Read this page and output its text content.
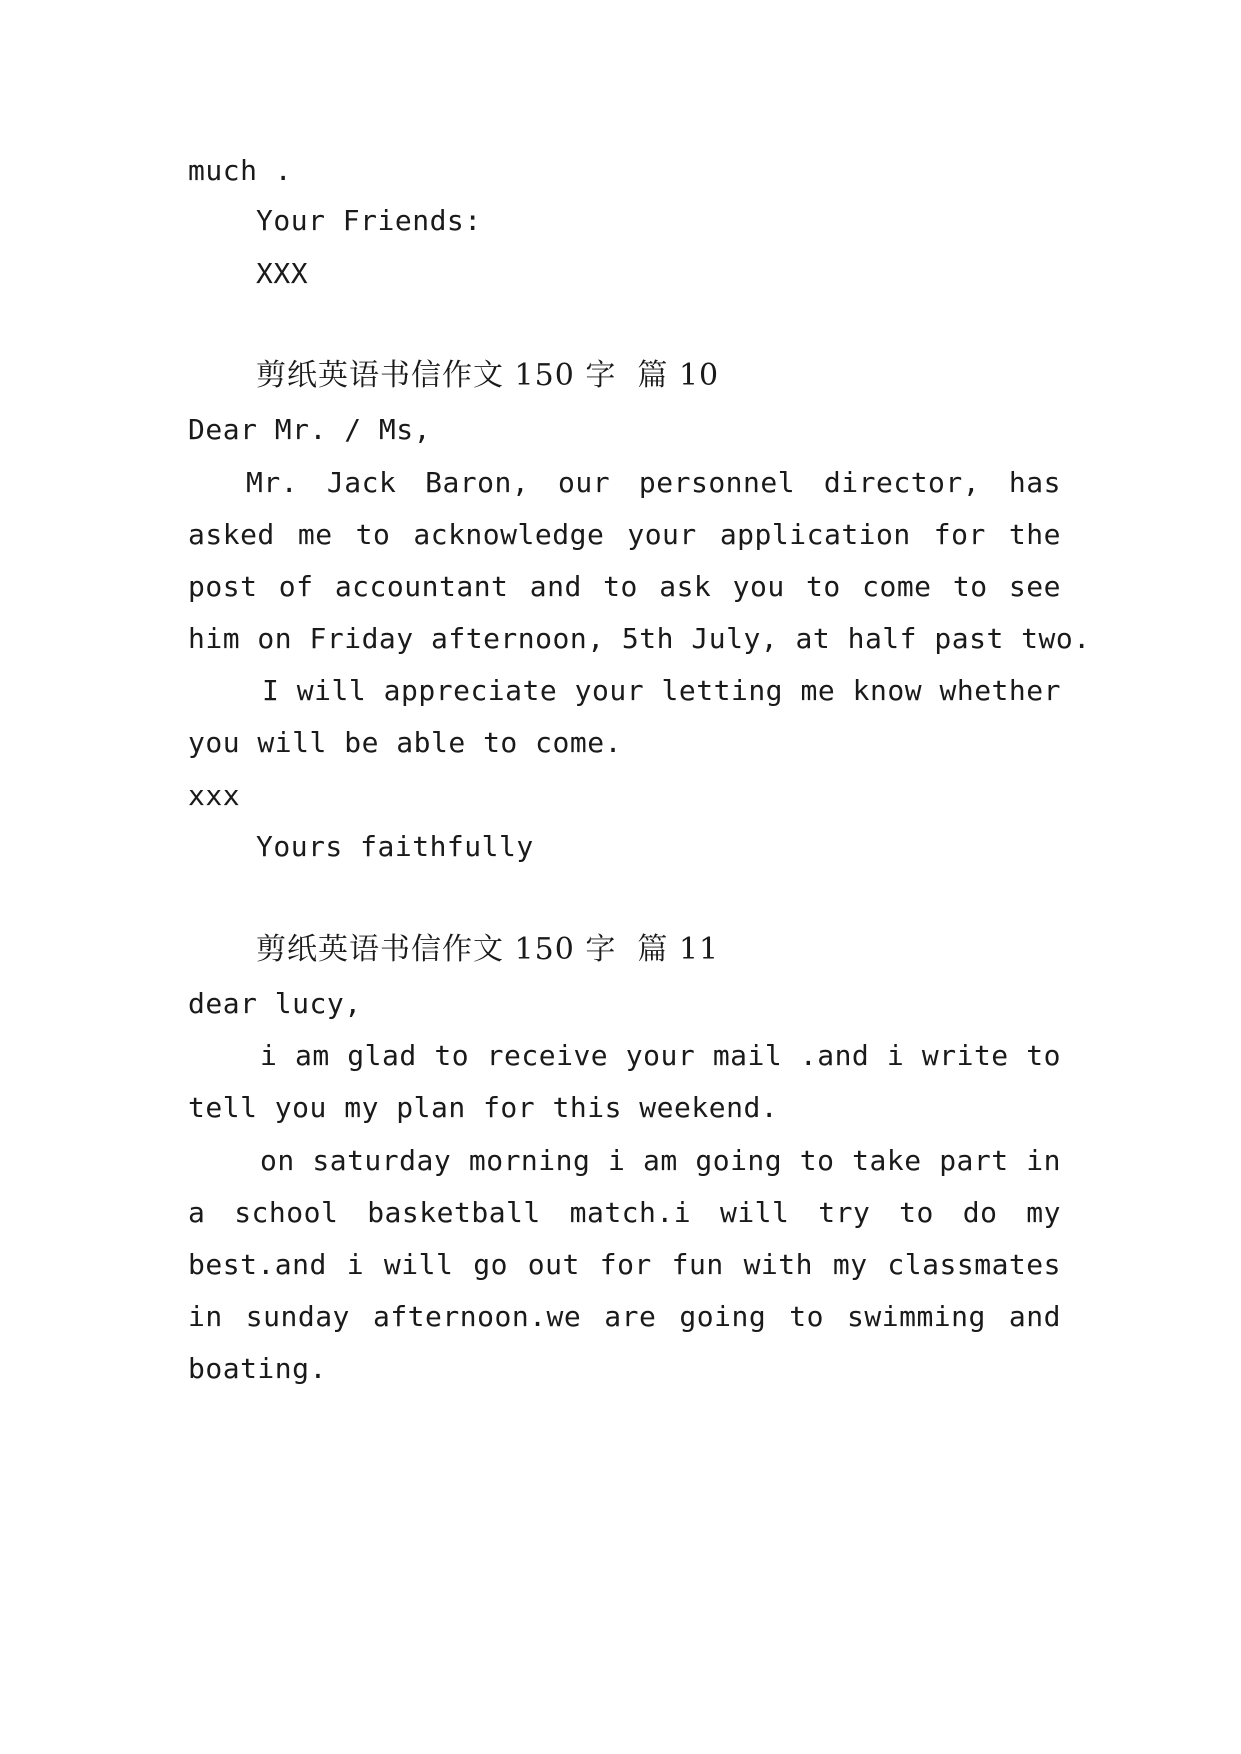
much .
Your Friends:
XXX
剪纸英语书信作文 150 字  篇 10
Dear Mr. / Ms,
Mr. Jack Baron, our personnel director, has
asked me to acknowledge your application for the
post of accountant and to ask you to come to see
him on Friday afternoon, 5th July, at half past two.
I will appreciate your letting me know whether
you will be able to come.
xxx
Yours faithfully
剪纸英语书信作文 150 字  篇 11
dear lucy,
i am glad to receive your mail .and i write to
tell you my plan for this weekend.
on saturday morning i am going to take part in
a school basketball match.i will try to do my
best.and i will go out for fun with my classmates
in sunday afternoon.we are going to swimming and
boating.
